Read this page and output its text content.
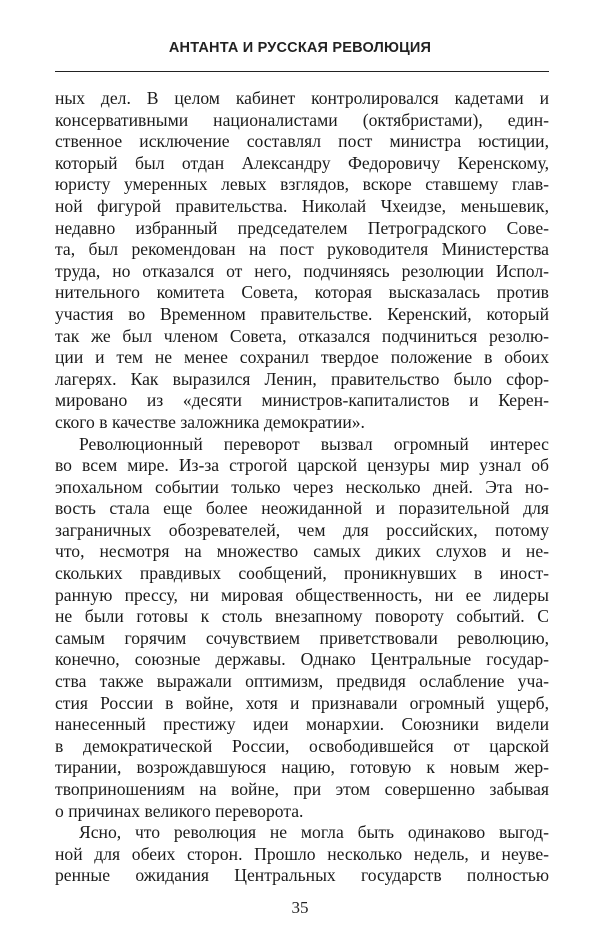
АНТАНТА И РУССКАЯ РЕВОЛЮЦИЯ
ных дел. В целом кабинет контролировался кадетами и
консервативными националистами (октябристами), един-
ственное исключение составлял пост министра юстиции,
который был отдан Александру Федоровичу Керенскому,
юристу умеренных левых взглядов, вскоре ставшему глав-
ной фигурой правительства. Николай Чхеидзе, меньшевик,
недавно избранный председателем Петроградского Сове-
та, был рекомендован на пост руководителя Министерства
труда, но отказался от него, подчиняясь резолюции Испол-
нительного комитета Совета, которая высказалась против
участия во Временном правительстве. Керенский, который
так же был членом Совета, отказался подчиниться резолю-
ции и тем не менее сохранил твердое положение в обоих
лагерях. Как выразился Ленин, правительство было сфор-
мировано из «десяти министров-капиталистов и Керен-
ского в качестве заложника демократии».
Революционный переворот вызвал огромный интерес
во всем мире. Из-за строгой царской цензуры мир узнал об
эпохальном событии только через несколько дней. Эта но-
вость стала еще более неожиданной и поразительной для
заграничных обозревателей, чем для российских, потому
что, несмотря на множество самых диких слухов и не-
скольких правдивых сообщений, проникнувших в иност-
ранную прессу, ни мировая общественность, ни ее лидеры
не были готовы к столь внезапному повороту событий. С
самым горячим сочувствием приветствовали революцию,
конечно, союзные державы. Однако Центральные государ-
ства также выражали оптимизм, предвидя ослабление уча-
стия России в войне, хотя и признавали огромный ущерб,
нанесенный престижу идеи монархии. Союзники видели
в демократической России, освободившейся от царской
тирании, возрождавшуюся нацию, готовую к новым жер-
твоприношениям на войне, при этом совершенно забывая
о причинах великого переворота.
Ясно, что революция не могла быть одинаково выгод-
ной для обеих сторон. Прошло несколько недель, и неуве-
ренные ожидания Центральных государств полностью
35
